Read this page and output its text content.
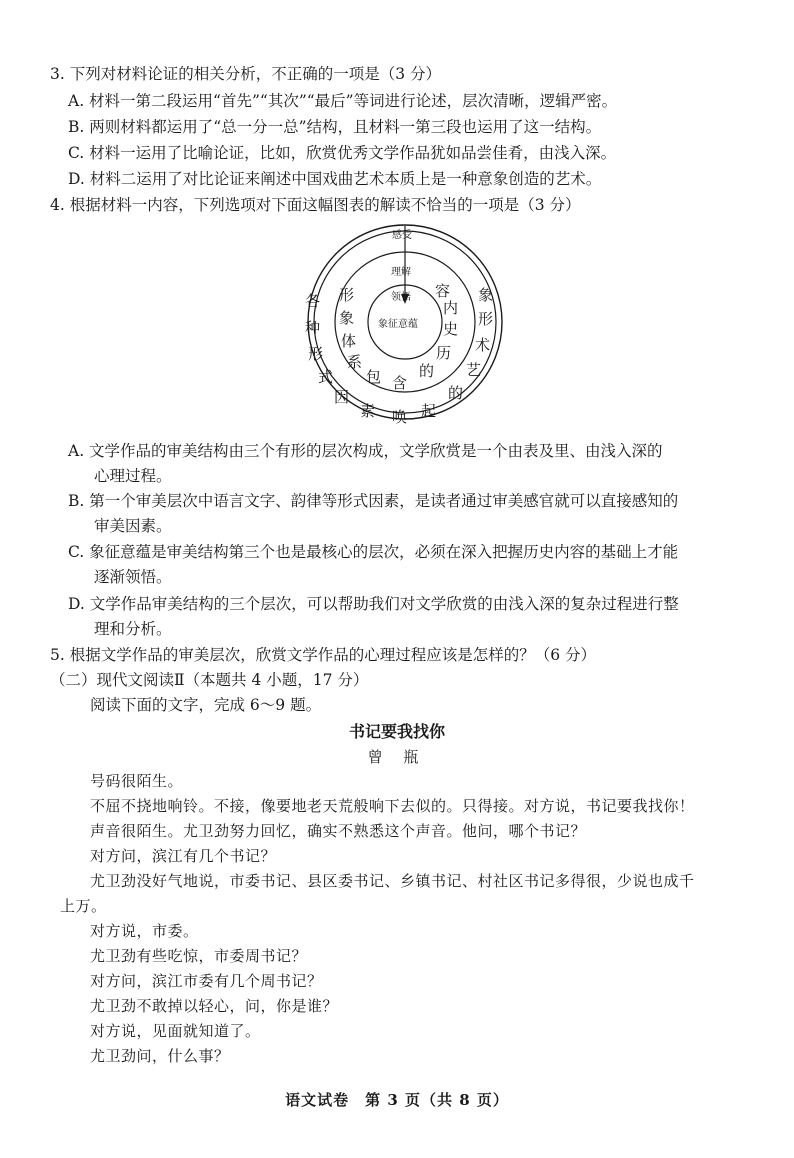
3. 下列对材料论证的相关分析，不正确的一项是（3 分）
A. 材料一第二段运用“首先”“其次”“最后”等词进行论述，层次清晰，逻辑严密。
B. 两则材料都运用了“总一分一总”结构，且材料一第三段也运用了这一结构。
C. 材料一运用了比喻论证，比如，欣赏优秀文学作品犹如品尝佳肴，由浅入深。
D. 材料二运用了对比论证来阐述中国戏曲艺术本质上是一种意象创造的艺术。
4. 根据材料一内容，下列选项对下面这幅图表的解读不恰当的一项是（3 分）
感受
理解
领悟
象征意蕴
各
种
形
式
因
素 唤 起
的
艺
术
形
象
形
象
体
系
包 含
的
历
史
内
容
A. 文学作品的审美结构由三个有形的层次构成，文学欣赏是一个由表及里、由浅入深的
心理过程。
B. 第一个审美层次中语言文字、韵律等形式因素，是读者通过审美感官就可以直接感知的
审美因素。
C. 象征意蕴是审美结构第三个也是最核心的层次，必须在深入把握历史内容的基础上才能
逐渐领悟。
D. 文学作品审美结构的三个层次，可以帮助我们对文学欣赏的由浅入深的复杂过程进行整
理和分析。
5. 根据文学作品的审美层次，欣赏文学作品的心理过程应该是怎样的？（6 分）
（二）现代文阅读Ⅱ（本题共 4 小题，17 分）
阅读下面的文字，完成 6～9 题。
书记要我找你
曾 瓶
号码很陌生。
不屈不挠地响铃。不接，像要地老天荒般响下去似的。只得接。对方说，书记要我找你！
声音很陌生。尤卫劲努力回忆，确实不熟悉这个声音。他问，哪个书记？
对方问，滨江有几个书记？
尤卫劲没好气地说，市委书记、县区委书记、乡镇书记、村社区书记多得很，少说也成千
上万。
对方说，市委。
尤卫劲有些吃惊，市委周书记？
对方问，滨江市委有几个周书记？
尤卫劲不敢掉以轻心，问，你是谁？
对方说，见面就知道了。
尤卫劲问，什么事？
语文试卷　第 3 页（共 8 页）
